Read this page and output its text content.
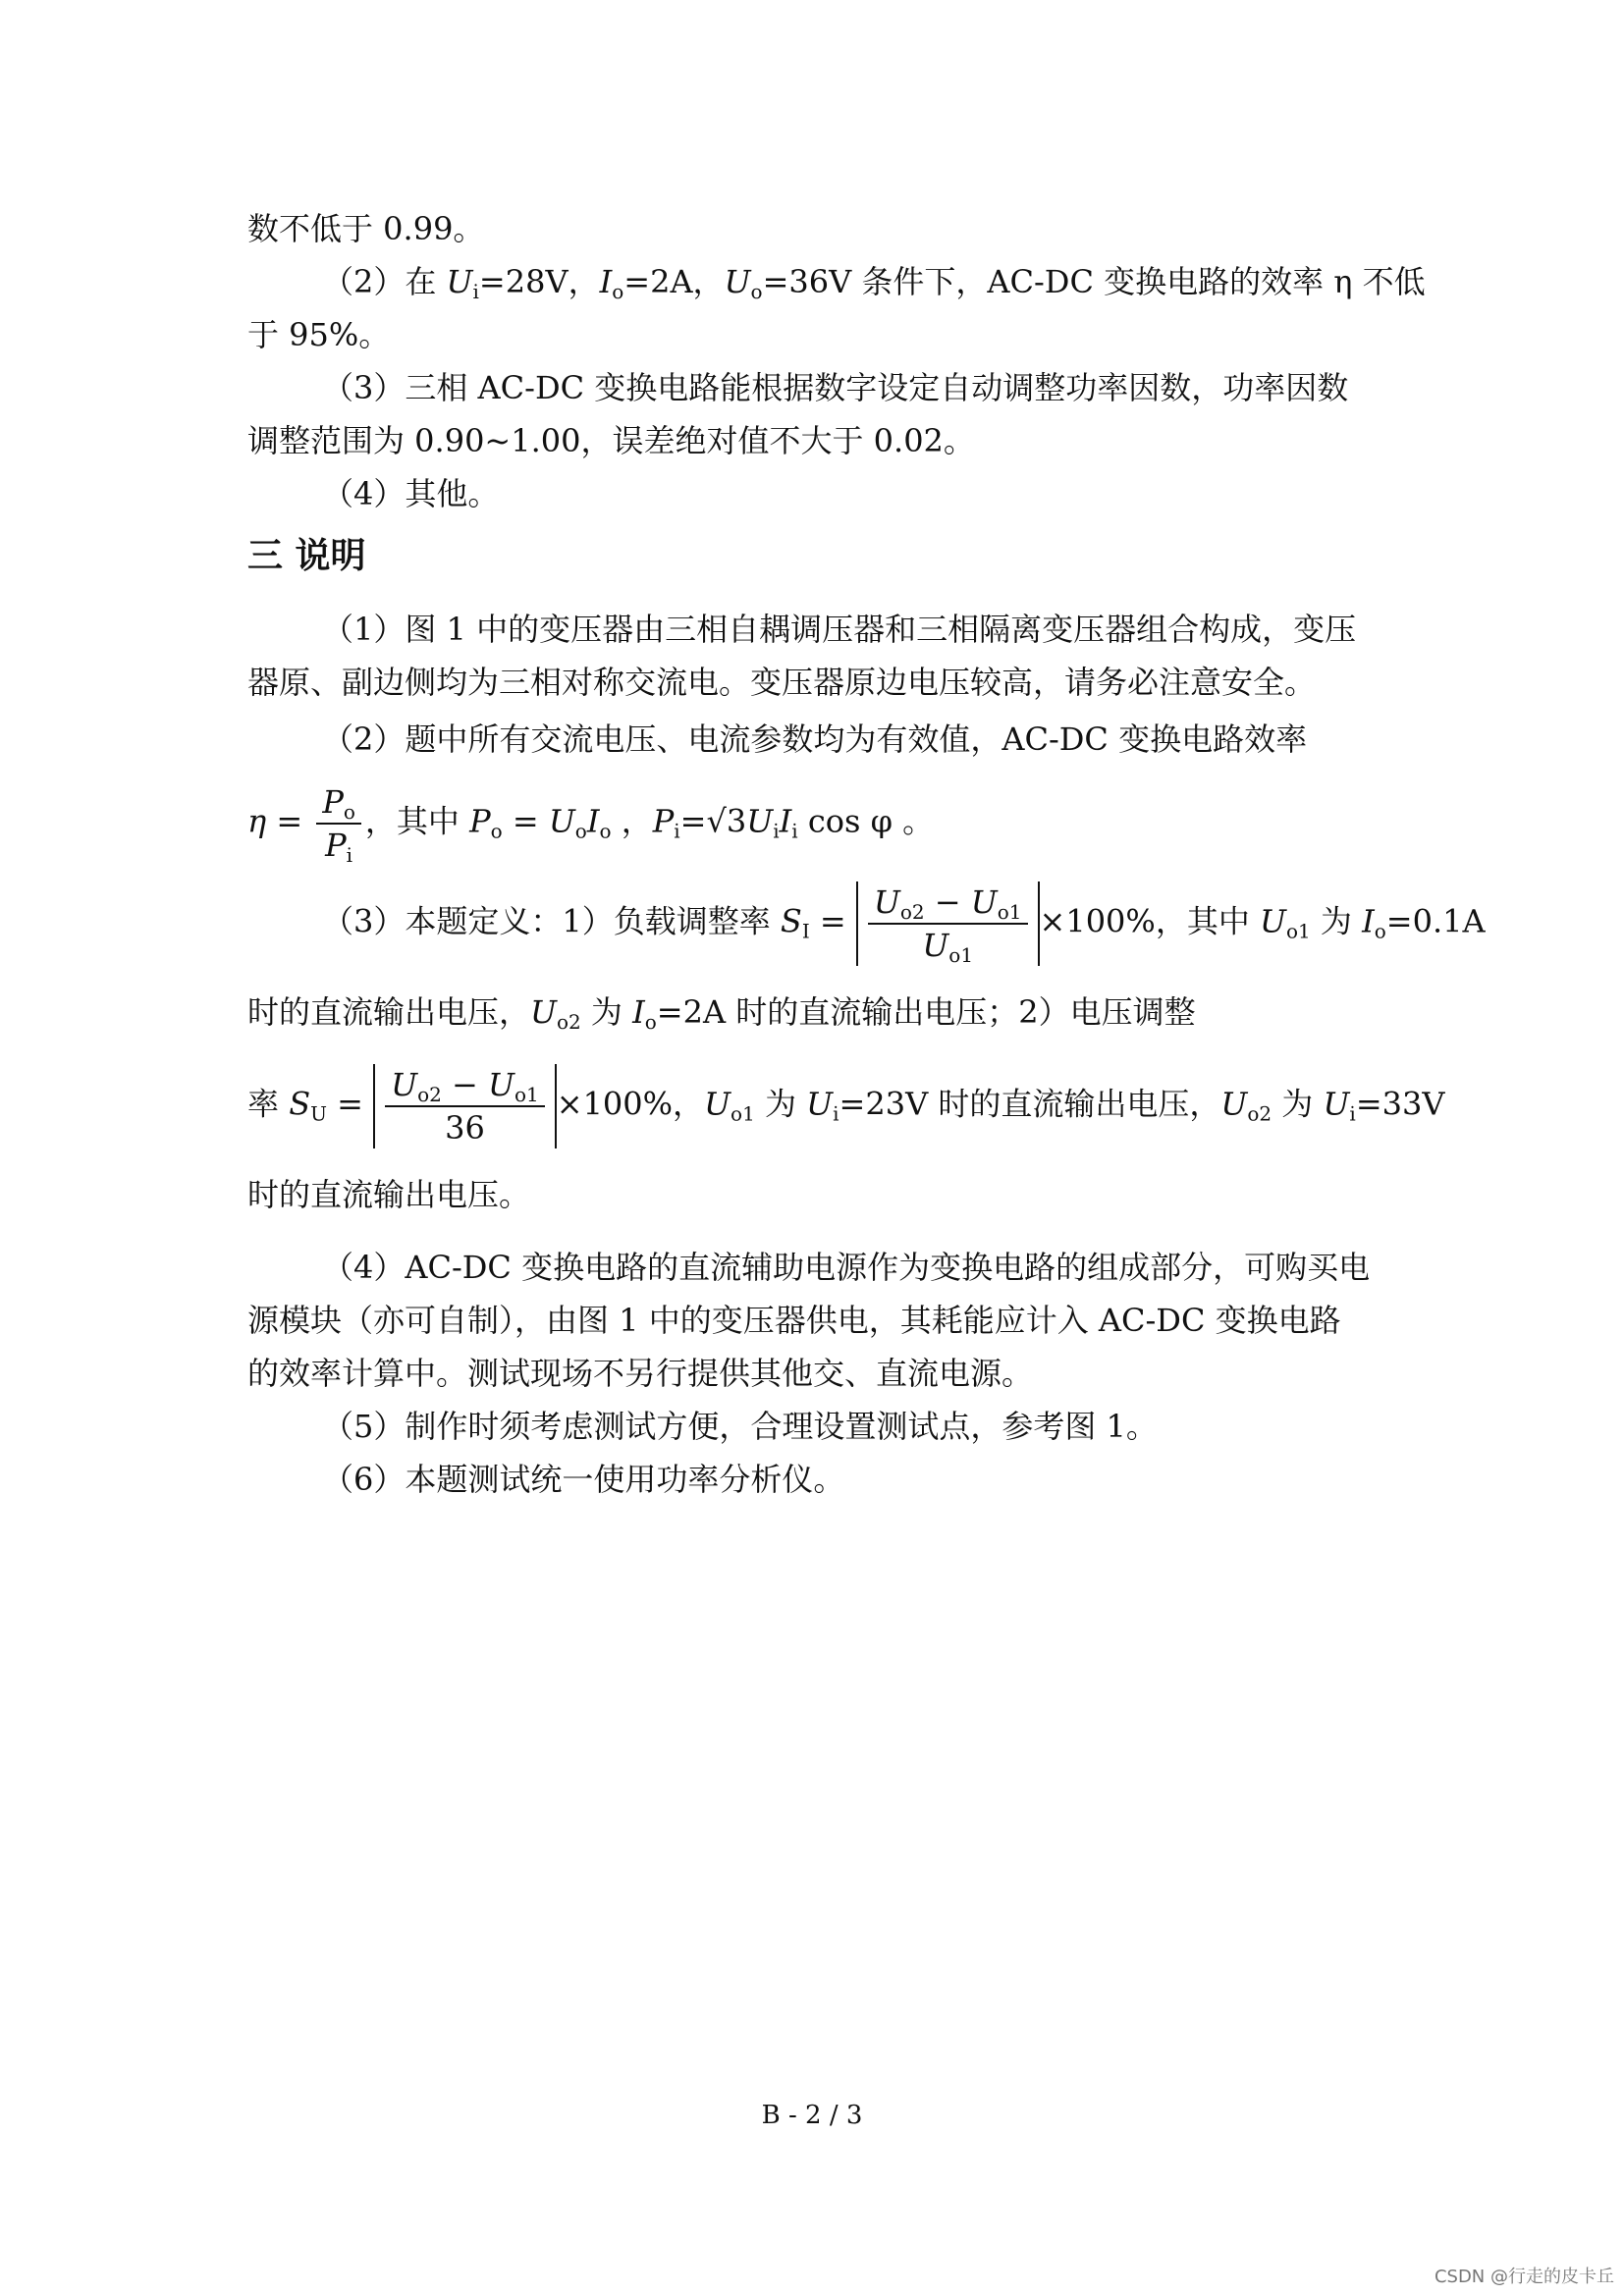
数不低于 0.99。
（2）在 $U_i=28V$，$I_o=2A$，$U_o=36V$ 条件下，AC-DC 变换电路的效率 η 不低
于 95%。
（3）三相 AC-DC 变换电路能根据数字设定自动调整功率因数，功率因数
调整范围为 0.90~1.00，误差绝对值不大于 0.02。
（4）其他。
三 说明
（1）图 1 中的变压器由三相自耦调压器和三相隔离变压器组合构成，变压
器原、副边侧均为三相对称交流电。变压器原边电压较高，请务必注意安全。
（2）题中所有交流电压、电流参数均为有效值，AC-DC 变换电路效率
$\eta = \frac{P_o}{P_i}$ ，其中 $P_o = U_oI_o$ ，$P_i=√3U_iI_i$ cos φ 。
（3）本题定义：1）负载调整率 $S_I = \frac{U_{o2} - U_{o1}}{U_{o1}} \times 100\%$，其中 $U_{o1}$ 为 $I_o=0.1A$
时的直流输出电压，$U_{o2}$ 为 $I_o=2A$ 时的直流输出电压；2）电压调整
率 $S_U = \frac{U_{o2} - U_{o1}}{36} \times 100\%$，$U_{o1}$ 为 $U_i=23V$ 时的直流输出电压，$U_{o2}$ 为 $U_i=33V$
时的直流输出电压。
（4）AC-DC 变换电路的直流辅助电源作为变换电路的组成部分，可购买电
源模块（亦可自制），由图 1 中的变压器供电，其耗能应计入 AC-DC 变换电路
的效率计算中。测试现场不另行提供其他交、直流电源。
（5）制作时须考虑测试方便，合理设置测试点，参考图 1。
（6）本题测试统一使用功率分析仪。
B - 2 / 3
CSDN @行走的皮卡丘
